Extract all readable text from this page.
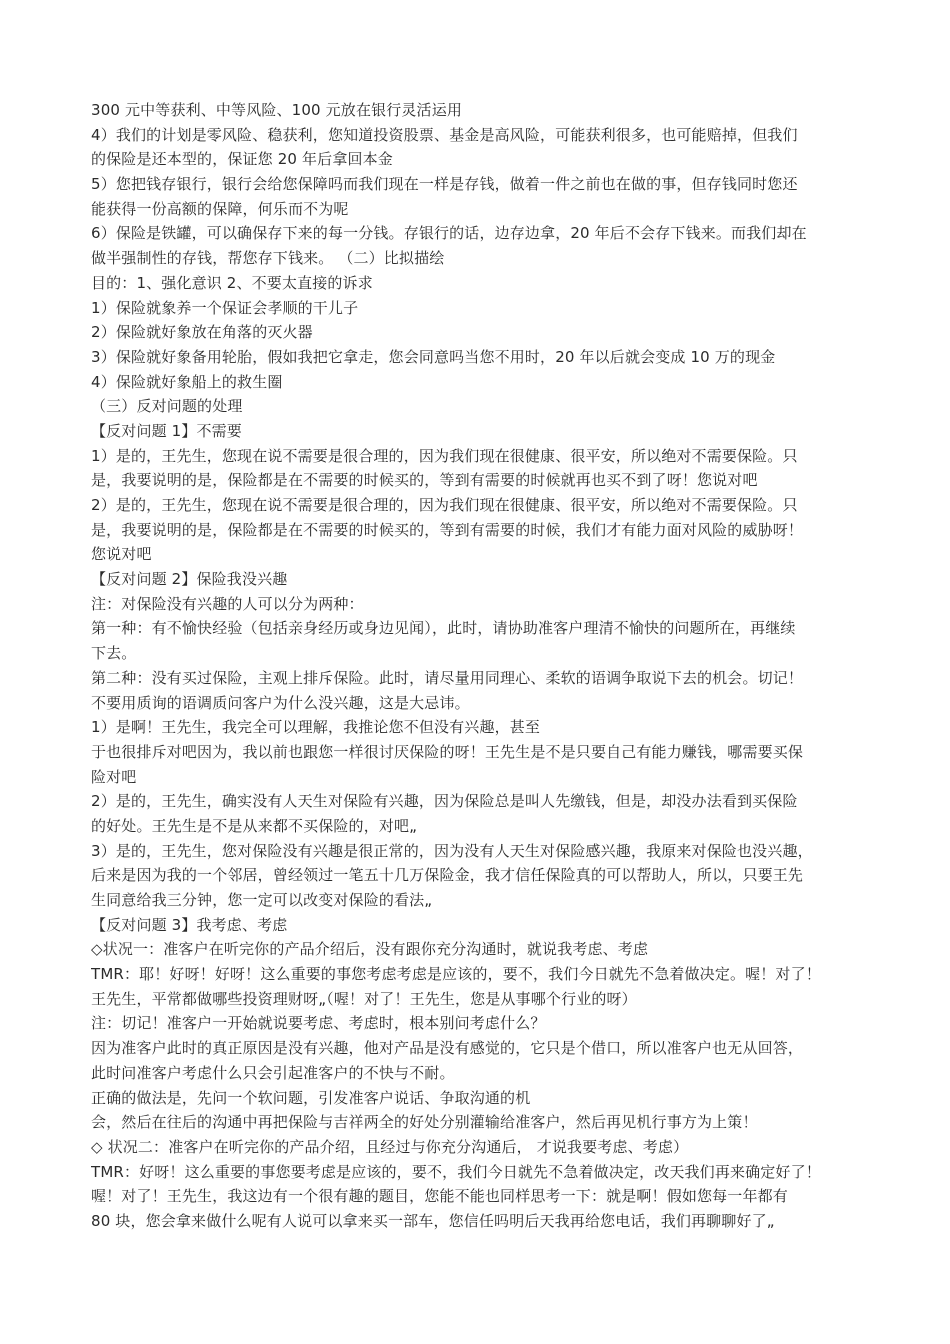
300 元中等获利、中等风险、100 元放在银行灵活运用
4）我们的计划是零风险、稳获利，您知道投资股票、基金是高风险，可能获利很多，也可能赔掉，但我们
的保险是还本型的，保证您 20 年后拿回本金
5）您把钱存银行，银行会给您保障吗而我们现在一样是存钱，做着一件之前也在做的事，但存钱同时您还
能获得一份高额的保障，何乐而不为呢
6）保险是铁罐，可以确保存下来的每一分钱。存银行的话，边存边拿，20 年后不会存下钱来。而我们却在
做半强制性的存钱，帮您存下钱来。 （二）比拟描绘
目的：1、强化意识 2、不要太直接的诉求
1）保险就象养一个保证会孝顺的干儿子
2）保险就好象放在角落的灭火器
3）保险就好象备用轮胎，假如我把它拿走，您会同意吗当您不用时，20 年以后就会变成 10 万的现金
4）保险就好象船上的救生圈
（三）反对问题的处理
【反对问题 1】不需要
1）是的，王先生，您现在说不需要是很合理的，因为我们现在很健康、很平安，所以绝对不需要保险。只
是，我要说明的是，保险都是在不需要的时候买的，等到有需要的时候就再也买不到了呀！您说对吧
2）是的，王先生，您现在说不需要是很合理的，因为我们现在很健康、很平安，所以绝对不需要保险。只
是，我要说明的是，保险都是在不需要的时候买的，等到有需要的时候，我们才有能力面对风险的威胁呀！
您说对吧
【反对问题 2】保险我没兴趣
注：对保险没有兴趣的人可以分为两种：
第一种：有不愉快经验（包括亲身经历或身边见闻），此时，请协助准客户理清不愉快的问题所在，再继续
下去。
第二种：没有买过保险，主观上排斥保险。此时，请尽量用同理心、柔软的语调争取说下去的机会。切记！
不要用质询的语调质问客户为什么没兴趣，这是大忌讳。
1）是啊！王先生，我完全可以理解，我推论您不但没有兴趣，甚至
于也很排斥对吧因为，我以前也跟您一样很讨厌保险的呀！王先生是不是只要自己有能力赚钱，哪需要买保
险对吧
2）是的，王先生，确实没有人天生对保险有兴趣，因为保险总是叫人先缴钱，但是，却没办法看到买保险
的好处。王先生是不是从来都不买保险的，对吧„
3）是的，王先生，您对保险没有兴趣是很正常的，因为没有人天生对保险感兴趣，我原来对保险也没兴趣，
后来是因为我的一个邻居，曾经领过一笔五十几万保险金，我才信任保险真的可以帮助人，所以，只要王先
生同意给我三分钟，您一定可以改变对保险的看法„
【反对问题 3】我考虑、考虑
◇状况一：准客户在听完你的产品介绍后，没有跟你充分沟通时，就说我考虑、考虑
TMR：耶！好呀！好呀！这么重要的事您考虑考虑是应该的，要不，我们今日就先不急着做决定。喔！对了！
王先生，平常都做哪些投资理财呀„（喔！对了！王先生，您是从事哪个行业的呀）
注：切记！准客户一开始就说要考虑、考虑时，根本别问考虑什么？
因为准客户此时的真正原因是没有兴趣，他对产品是没有感觉的，它只是个借口，所以准客户也无从回答，
此时问准客户考虑什么只会引起准客户的不快与不耐。
正确的做法是，先问一个软问题，引发准客户说话、争取沟通的机
会，然后在往后的沟通中再把保险与吉祥两全的好处分别灌输给准客户，然后再见机行事方为上策！
◇ 状况二：准客户在听完你的产品介绍，且经过与你充分沟通后， 才说我要考虑、考虑）
TMR：好呀！这么重要的事您要考虑是应该的，要不，我们今日就先不急着做决定，改天我们再来确定好了！
喔！对了！王先生，我这边有一个很有趣的题目，您能不能也同样思考一下：就是啊！假如您每一年都有
80 块，您会拿来做什么呢有人说可以拿来买一部车，您信任吗明后天我再给您电话，我们再聊聊好了„
